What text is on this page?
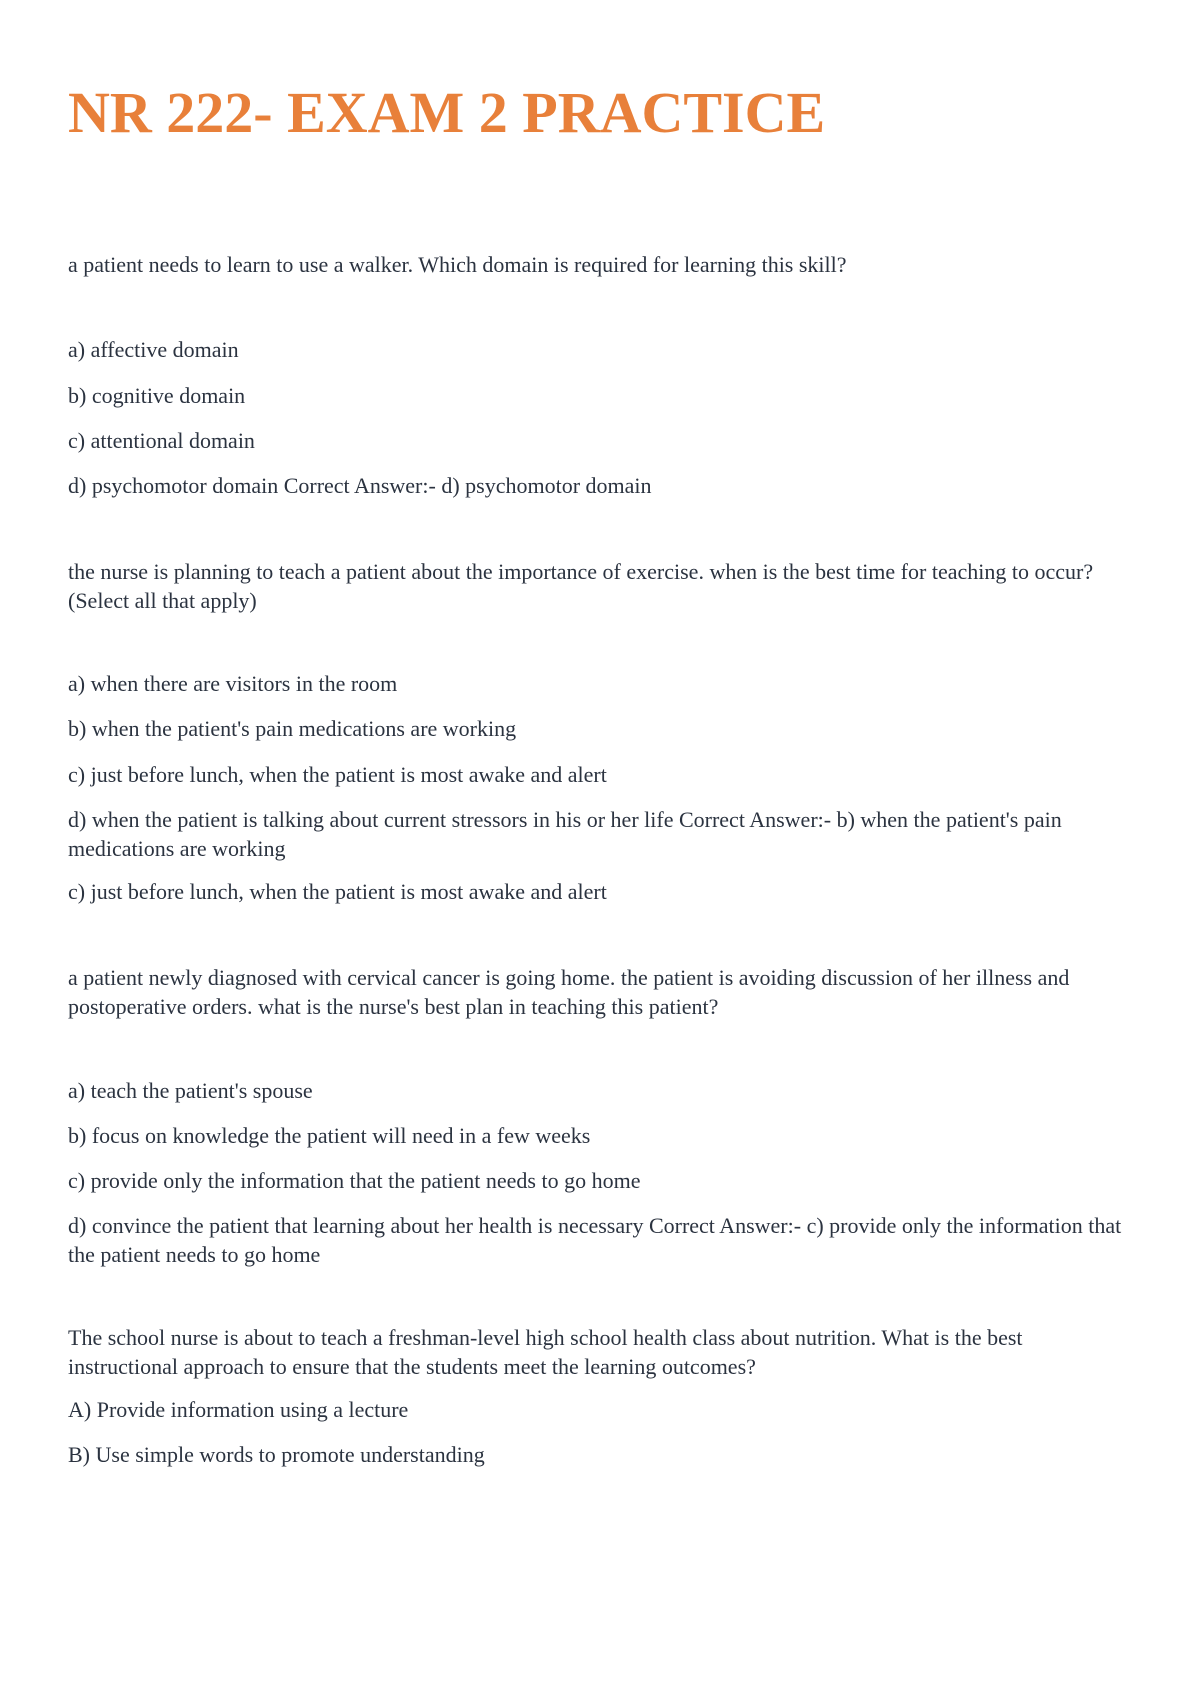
NR 222- EXAM 2 PRACTICE

a patient needs to learn to use a walker. Which domain is required for learning this skill?

a) affective domain

b) cognitive domain

c) attentional domain

d) psychomotor domain Correct Answer:- d) psychomotor domain

the nurse is planning to teach a patient about the importance of exercise. when is the best time for teaching to occur? (Select all that apply)

a) when there are visitors in the room

b) when the patient's pain medications are working

c) just before lunch, when the patient is most awake and alert

d) when the patient is talking about current stressors in his or her life Correct Answer:- b) when the patient's pain medications are working

c) just before lunch, when the patient is most awake and alert

a patient newly diagnosed with cervical cancer is going home. the patient is avoiding discussion of her illness and postoperative orders. what is the nurse's best plan in teaching this patient?

a) teach the patient's spouse

b) focus on knowledge the patient will need in a few weeks

c) provide only the information that the patient needs to go home

d) convince the patient that learning about her health is necessary Correct Answer:- c) provide only the information that the patient needs to go home

The school nurse is about to teach a freshman-level high school health class about nutrition. What is the best instructional approach to ensure that the students meet the learning outcomes?

A) Provide information using a lecture

B) Use simple words to promote understanding
